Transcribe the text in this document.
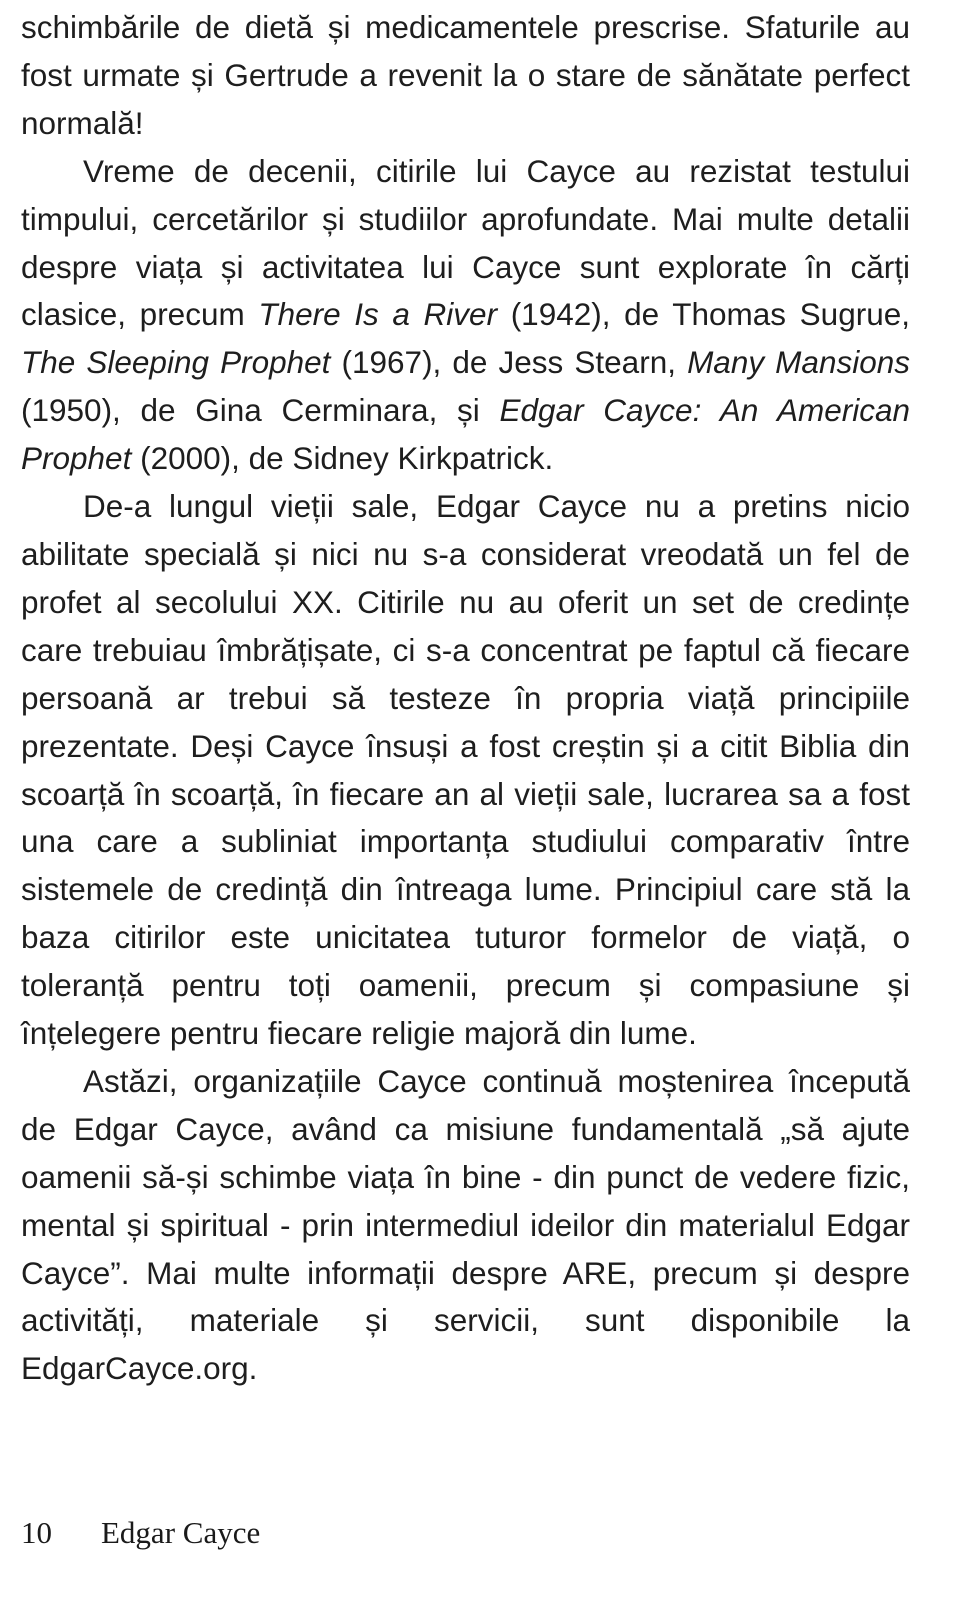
schimbările de dietă și medicamentele prescrise. Sfaturile au fost urmate și Gertrude a revenit la o stare de sănătate perfect normală!

Vreme de decenii, citirile lui Cayce au rezistat testului timpului, cercetărilor și studiilor aprofundate. Mai multe detalii despre viața și activitatea lui Cayce sunt explorate în cărți clasice, precum There Is a River (1942), de Thomas Sugrue, The Sleeping Prophet (1967), de Jess Stearn, Many Mansions (1950), de Gina Cerminara, și Edgar Cayce: An American Prophet (2000), de Sidney Kirkpatrick.

De-a lungul vieții sale, Edgar Cayce nu a pretins nicio abilitate specială și nici nu s-a considerat vreodată un fel de profet al secolului XX. Citirile nu au oferit un set de credințe care trebuiau îmbrățișate, ci s-a concentrat pe faptul că fiecare persoană ar trebui să testeze în propria viață principiile prezentate. Deși Cayce însuși a fost creștin și a citit Biblia din scoarță în scoarță, în fiecare an al vieții sale, lucrarea sa a fost una care a subliniat importanța studiului comparativ între sistemele de credință din întreaga lume. Principiul care stă la baza citirilor este unicitatea tuturor formelor de viață, o toleranță pentru toți oamenii, precum și compasiune și înțelegere pentru fiecare religie majoră din lume.

Astăzi, organizațiile Cayce continuă moștenirea începută de Edgar Cayce, având ca misiune fundamentală „să ajute oamenii să-și schimbe viața în bine - din punct de vedere fizic, mental și spiritual - prin intermediul ideilor din materialul Edgar Cayce”. Mai multe informații despre ARE, precum și despre activități, materiale și servicii, sunt disponibile la EdgarCayce.org.

10 Edgar Cayce
